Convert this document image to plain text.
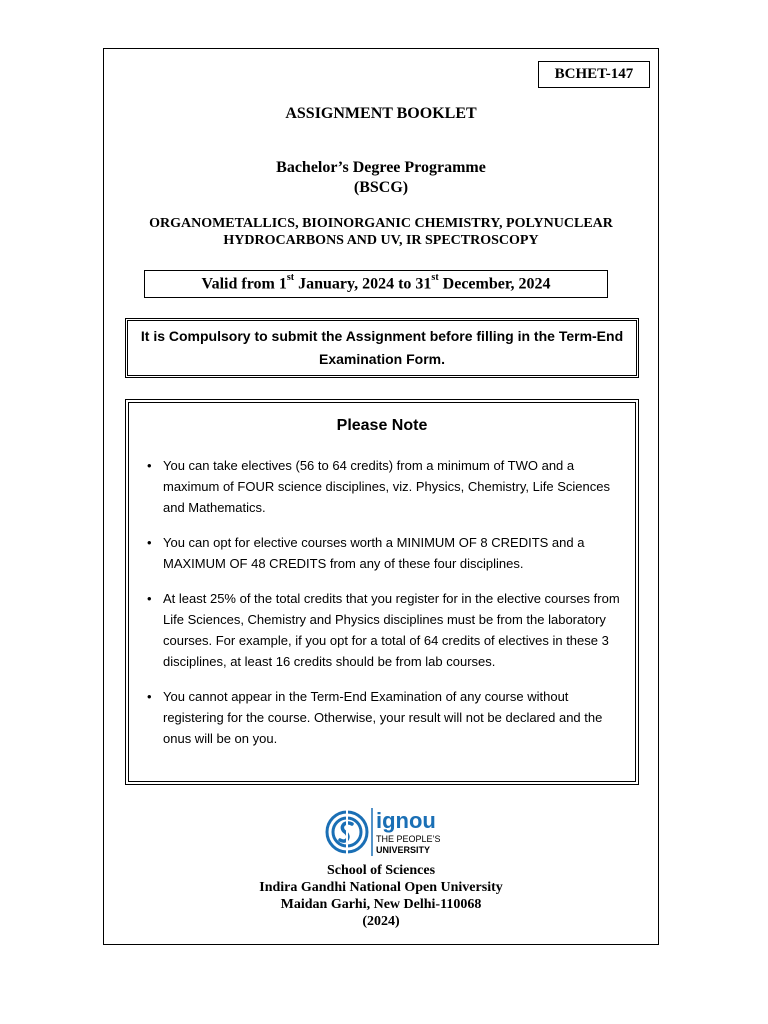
BCHET-147
ASSIGNMENT BOOKLET
Bachelor’s Degree Programme
(BSCG)
ORGANOMETALLICS, BIOINORGANIC CHEMISTRY, POLYNUCLEAR
HYDROCARBONS AND UV, IR SPECTROSCOPY
Valid from 1st January, 2024 to 31st December, 2024
It is Compulsory to submit the Assignment before filling in the Term-End Examination Form.
Please Note
• You can take electives (56 to 64 credits) from a minimum of TWO and a maximum of FOUR science disciplines, viz. Physics, Chemistry, Life Sciences and Mathematics.
• You can opt for elective courses worth a MINIMUM OF 8 CREDITS and a MAXIMUM OF 48 CREDITS from any of these four disciplines.
• At least 25% of the total credits that you register for in the elective courses from Life Sciences, Chemistry and Physics disciplines must be from the laboratory courses. For example, if you opt for a total of 64 credits of electives in these 3 disciplines, at least 16 credits should be from lab courses.
• You cannot appear in the Term-End Examination of any course without registering for the course. Otherwise, your result will not be declared and the onus will be on you.
ignou
THE PEOPLE’S
UNIVERSITY
School of Sciences
Indira Gandhi National Open University
Maidan Garhi, New Delhi-110068
(2024)
